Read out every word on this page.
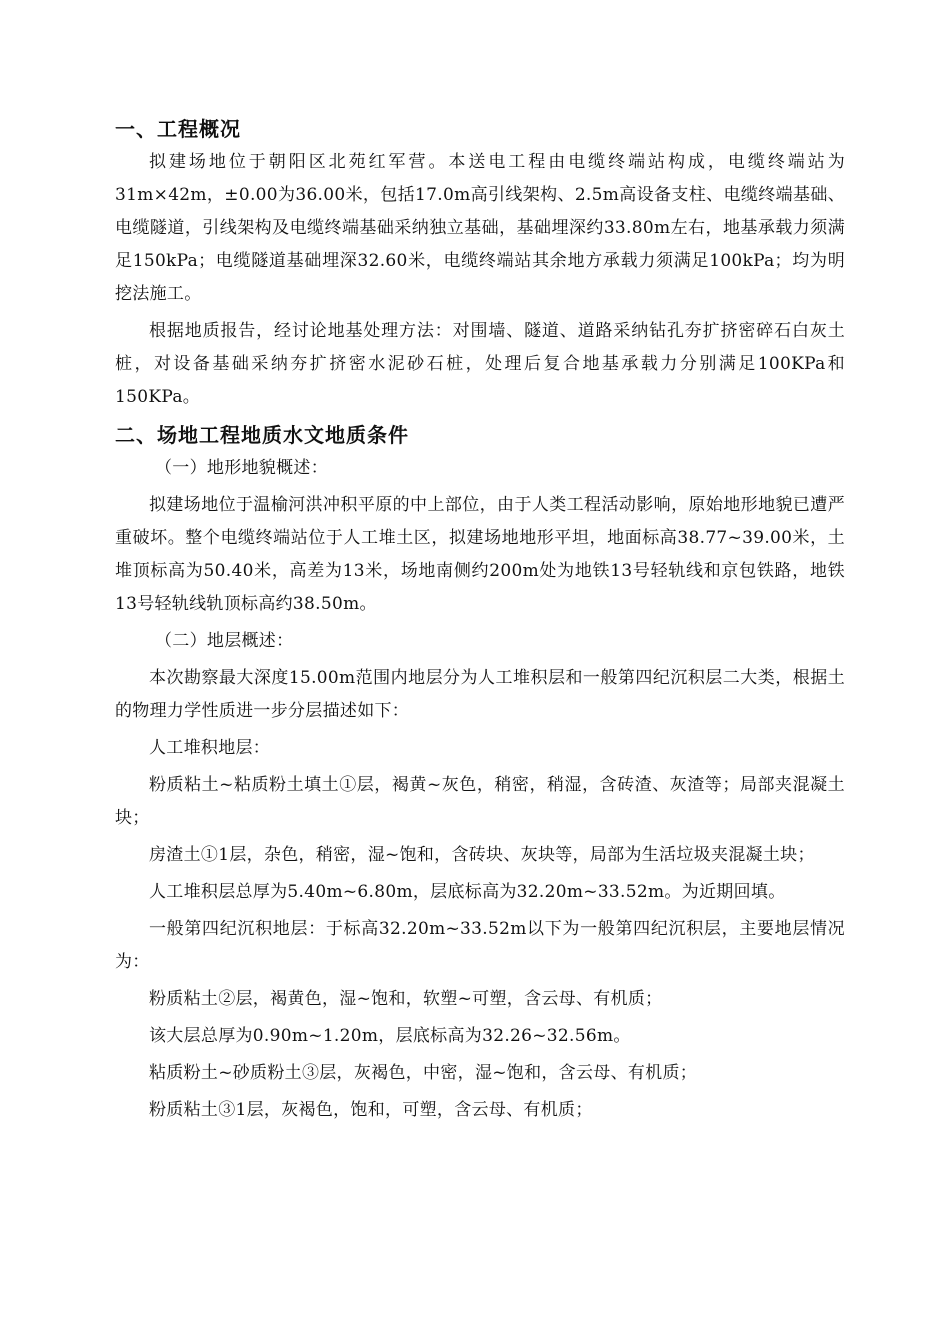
一、工程概况

拟建场地位于朝阳区北苑红军营。本送电工程由电缆终端站构成，电缆终端站为31m×42m，±0.00为36.00米，包括17.0m高引线架构、2.5m高设备支柱、电缆终端基础、电缆隧道，引线架构及电缆终端基础采纳独立基础，基础埋深约33.80m左右，地基承载力须满足150kPa；电缆隧道基础埋深32.60米，电缆终端站其余地方承载力须满足100kPa；均为明挖法施工。

根据地质报告，经讨论地基处理方法：对围墙、隧道、道路采纳钻孔夯扩挤密碎石白灰土桩，对设备基础采纳夯扩挤密水泥砂石桩，处理后复合地基承载力分别满足100KPa和150KPa。

二、场地工程地质水文地质条件

（一）地形地貌概述：

拟建场地位于温榆河洪冲积平原的中上部位，由于人类工程活动影响，原始地形地貌已遭严重破坏。整个电缆终端站位于人工堆土区，拟建场地地形平坦，地面标高38.77~39.00米，土堆顶标高为50.40米，高差为13米，场地南侧约200m处为地铁13号轻轨线和京包铁路，地铁13号轻轨线轨顶标高约38.50m。

（二）地层概述：

本次勘察最大深度15.00m范围内地层分为人工堆积层和一般第四纪沉积层二大类，根据土的物理力学性质进一步分层描述如下：

人工堆积地层：

粉质粘土~粘质粉土填土①层，褐黄~灰色，稍密，稍湿，含砖渣、灰渣等；局部夹混凝土块；

房渣土①1层，杂色，稍密，湿~饱和，含砖块、灰块等，局部为生活垃圾夹混凝土块；

人工堆积层总厚为5.40m~6.80m，层底标高为32.20m~33.52m。为近期回填。

一般第四纪沉积地层：于标高32.20m~33.52m以下为一般第四纪沉积层，主要地层情况为：

粉质粘土②层，褐黄色，湿~饱和，软塑~可塑，含云母、有机质；

该大层总厚为0.90m~1.20m，层底标高为32.26~32.56m。

粘质粉土~砂质粉土③层，灰褐色，中密，湿~饱和，含云母、有机质；

粉质粘土③1层，灰褐色，饱和，可塑，含云母、有机质；
